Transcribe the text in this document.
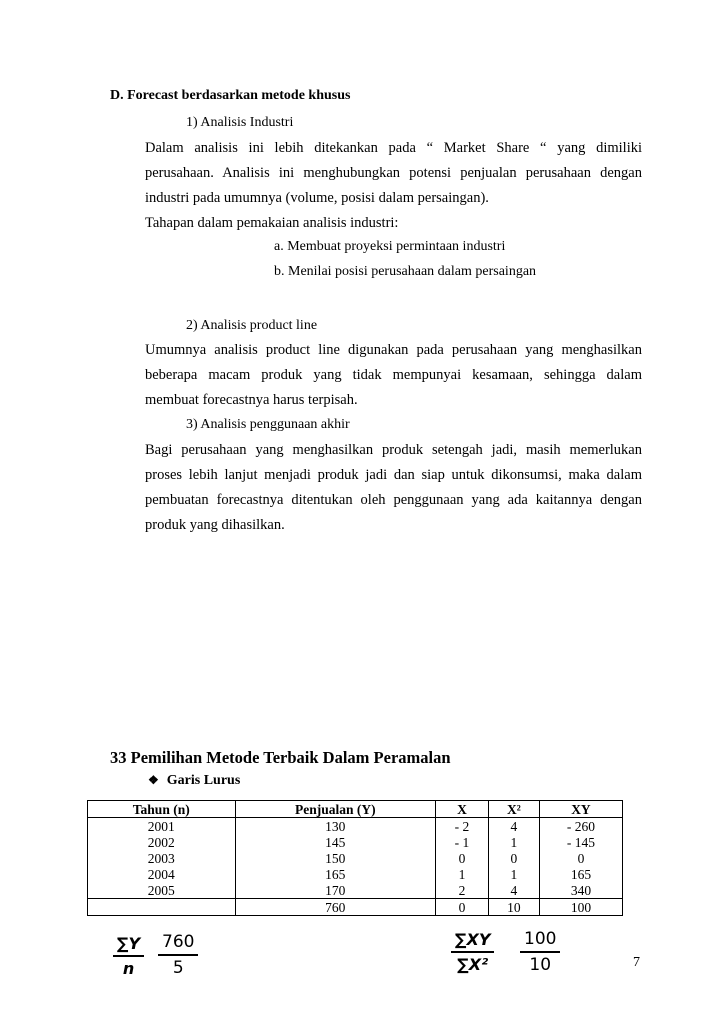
D. Forecast berdasarkan metode khusus
1) Analisis Industri
Dalam analisis ini lebih ditekankan pada “ Market Share “ yang dimiliki
perusahaan. Analisis ini menghubungkan potensi penjualan perusahaan dengan
industri pada umumnya (volume, posisi dalam persaingan).
Tahapan dalam pemakaian analisis industri:
a. Membuat proyeksi permintaan industri
b. Menilai posisi perusahaan dalam persaingan
2) Analisis product line
Umumnya analisis product line digunakan pada perusahaan yang menghasilkan
beberapa macam produk yang tidak mempunyai kesamaan, sehingga dalam
membuat forecastnya harus terpisah.
3) Analisis penggunaan akhir
Bagi perusahaan yang menghasilkan produk setengah jadi, masih memerlukan
proses lebih lanjut menjadi produk jadi dan siap untuk dikonsumsi, maka dalam
pembuatan forecastnya ditentukan oleh penggunaan yang ada kaitannya dengan
produk yang dihasilkan.
33 Pemilihan Metode Terbaik Dalam Peramalan
❖ Garis Lurus
Tahun (n)	Penjualan (Y)	X	X²	XY
2001	130	- 2	4	- 260
2002	145	- 1	1	- 145
2003	150	0	0	0
2004	165	1	1	165
2005	170	2	4	340
	760	0	10	100
$\frac{\sum Y}{n} \frac{760}{5}$	$\frac{\sum XY}{\text{∑X²}} \frac{100}{10}$	7
